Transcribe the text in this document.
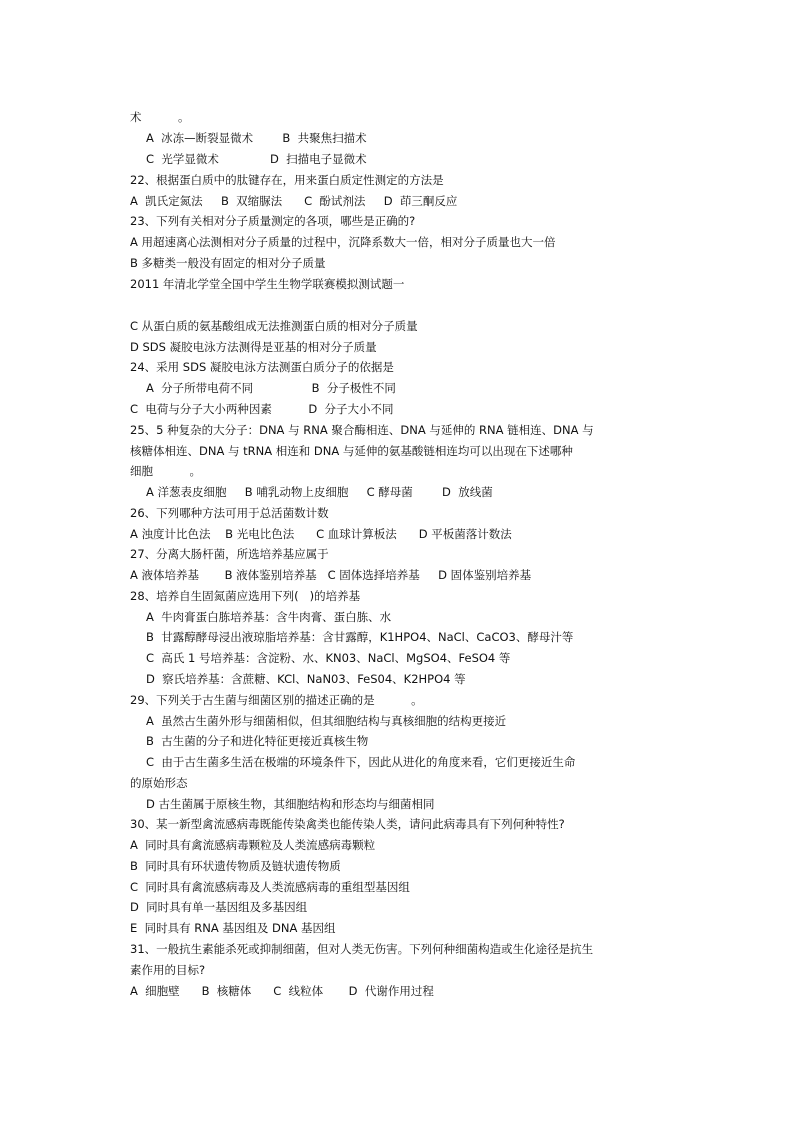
术          。
A  冰冻—断裂显微术        B  共聚焦扫描术
C  光学显微术              D  扫描电子显微术
22、根据蛋白质中的肽键存在，用来蛋白质定性测定的方法是
A  凯氏定氮法     B  双缩脲法      C  酚试剂法     D  茚三酮反应
23、下列有关相对分子质量测定的各项，哪些是正确的?
A 用超速离心法测相对分子质量的过程中，沉降系数大一倍，相对分子质量也大一倍
B 多糖类一般没有固定的相对分子质量
2011 年清北学堂全国中学生生物学联赛模拟测试题一
C 从蛋白质的氨基酸组成无法推测蛋白质的相对分子质量
D SDS 凝胶电泳方法测得是亚基的相对分子质量
24、采用 SDS 凝胶电泳方法测蛋白质分子的依据是
A  分子所带电荷不同                B  分子极性不同
C  电荷与分子大小两种因素          D  分子大小不同
25、5 种复杂的大分子：DNA 与 RNA 聚合酶相连、DNA 与延伸的 RNA 链相连、DNA 与
核糖体相连、DNA 与 tRNA 相连和 DNA 与延伸的氨基酸链相连均可以出现在下述哪种
细胞          。
A 洋葱表皮细胞     B 哺乳动物上皮细胞     C 酵母菌        D  放线菌
26、下列哪种方法可用于总活菌数计数
A 浊度计比色法    B 光电比色法      C 血球计算板法      D 平板菌落计数法
27、分离大肠杆菌，所选培养基应属于
A 液体培养基       B 液体鉴别培养基   C 固体选择培养基     D 固体鉴别培养基
28、培养自生固氮菌应选用下列(   )的培养基
A  牛肉膏蛋白胨培养基：含牛肉膏、蛋白胨、水
B  甘露醇酵母浸出液琼脂培养基：含甘露醇，K1HPO4、NaCl、CaCO3、酵母汁等
C  高氏 1 号培养基：含淀粉、水、KN03、NaCl、MgSO4、FeSO4 等
D  察氏培养基：含蔗糖、KCl、NaN03、FeS04、K2HPO4 等
29、下列关于古生菌与细菌区别的描述正确的是          。
A  虽然古生菌外形与细菌相似，但其细胞结构与真核细胞的结构更接近
B  古生菌的分子和进化特征更接近真核生物
C  由于古生菌多生活在极端的环境条件下，因此从进化的角度来看，它们更接近生命
的原始形态
D 古生菌属于原核生物，其细胞结构和形态均与细菌相同
30、某一新型禽流感病毒既能传染禽类也能传染人类，请问此病毒具有下列何种特性?
A  同时具有禽流感病毒颗粒及人类流感病毒颗粒
B  同时具有环状遗传物质及链状遗传物质
C  同时具有禽流感病毒及人类流感病毒的重组型基因组
D  同时具有单一基因组及多基因组
E  同时具有 RNA 基因组及 DNA 基因组
31、一般抗生素能杀死或抑制细菌，但对人类无伤害。下列何种细菌构造或生化途径是抗生
素作用的目标?
A  细胞壁      B  核糖体      C  线粒体       D  代谢作用过程
